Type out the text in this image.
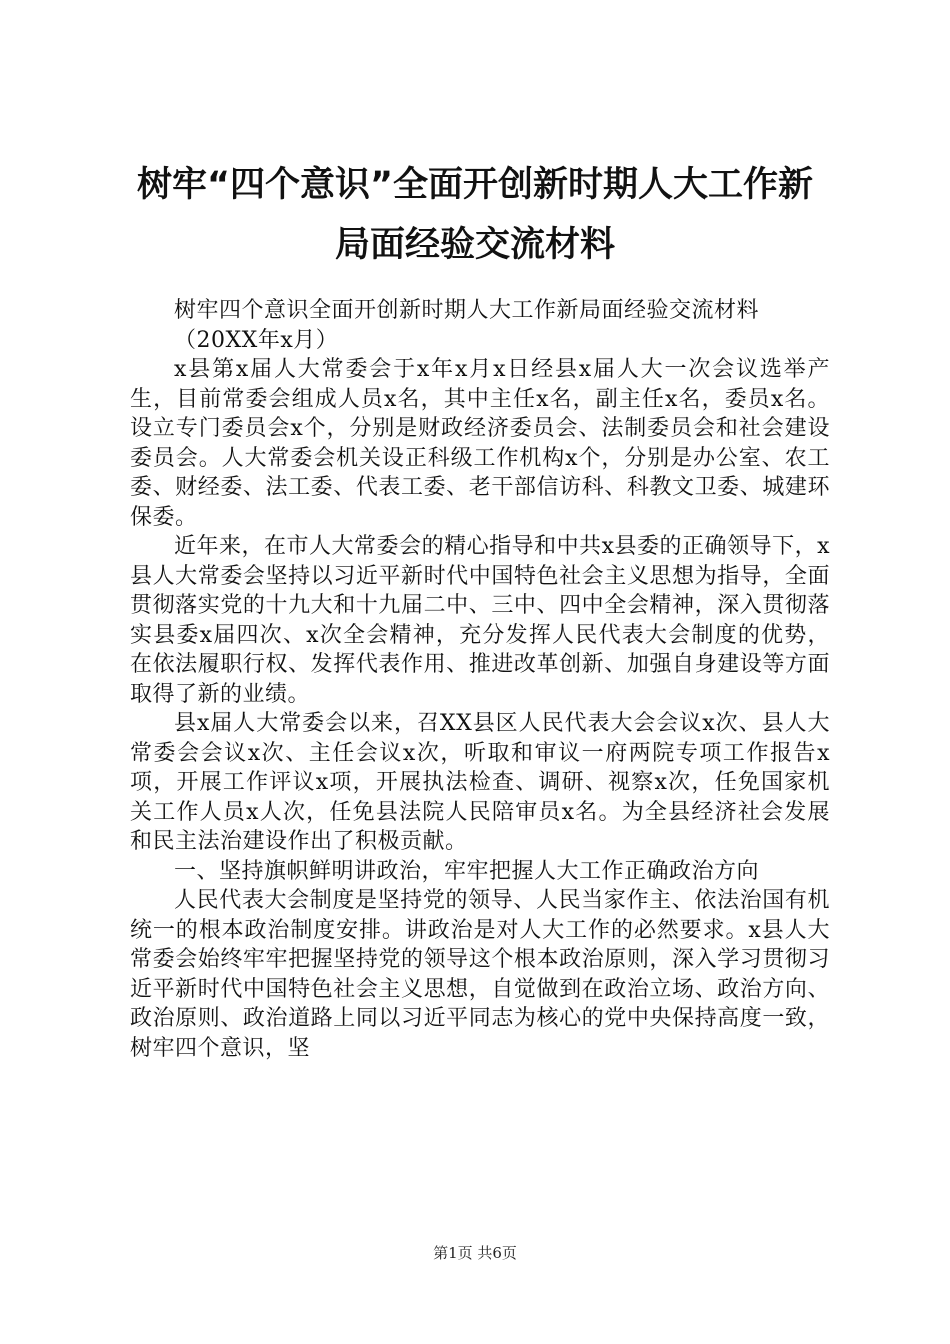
树牢“四个意识”全面开创新时期人大工作新
局面经验交流材料

树牢四个意识全面开创新时期人大工作新局面经验交流材料

（20XX年x月）

x县第x届人大常委会于x年x月x日经县x届人大一次会议选举产生，目前常委会组成人员x名，其中主任x名，副主任x名，委员x名。设立专门委员会x个，分别是财政经济委员会、法制委员会和社会建设委员会。人大常委会机关设正科级工作机构x个，分别是办公室、农工委、财经委、法工委、代表工委、老干部信访科、科教文卫委、城建环保委。

近年来，在市人大常委会的精心指导和中共x县委的正确领导下，x县人大常委会坚持以习近平新时代中国特色社会主义思想为指导，全面贯彻落实党的十九大和十九届二中、三中、四中全会精神，深入贯彻落实县委x届四次、x次全会精神，充分发挥人民代表大会制度的优势，在依法履职行权、发挥代表作用、推进改革创新、加强自身建设等方面取得了新的业绩。

县x届人大常委会以来，召XX县区人民代表大会会议x次、县人大常委会会议x次、主任会议x次，听取和审议一府两院专项工作报告x项，开展工作评议x项，开展执法检查、调研、视察x次，任免国家机关工作人员x人次，任免县法院人民陪审员x名。为全县经济社会发展和民主法治建设作出了积极贡献。

一、坚持旗帜鲜明讲政治，牢牢把握人大工作正确政治方向

人民代表大会制度是坚持党的领导、人民当家作主、依法治国有机统一的根本政治制度安排。讲政治是对人大工作的必然要求。x县人大常委会始终牢牢把握坚持党的领导这个根本政治原则，深入学习贯彻习近平新时代中国特色社会主义思想，自觉做到在政治立场、政治方向、政治原则、政治道路上同以习近平同志为核心的党中央保持高度一致，树牢四个意识，坚

第1页 共6页
